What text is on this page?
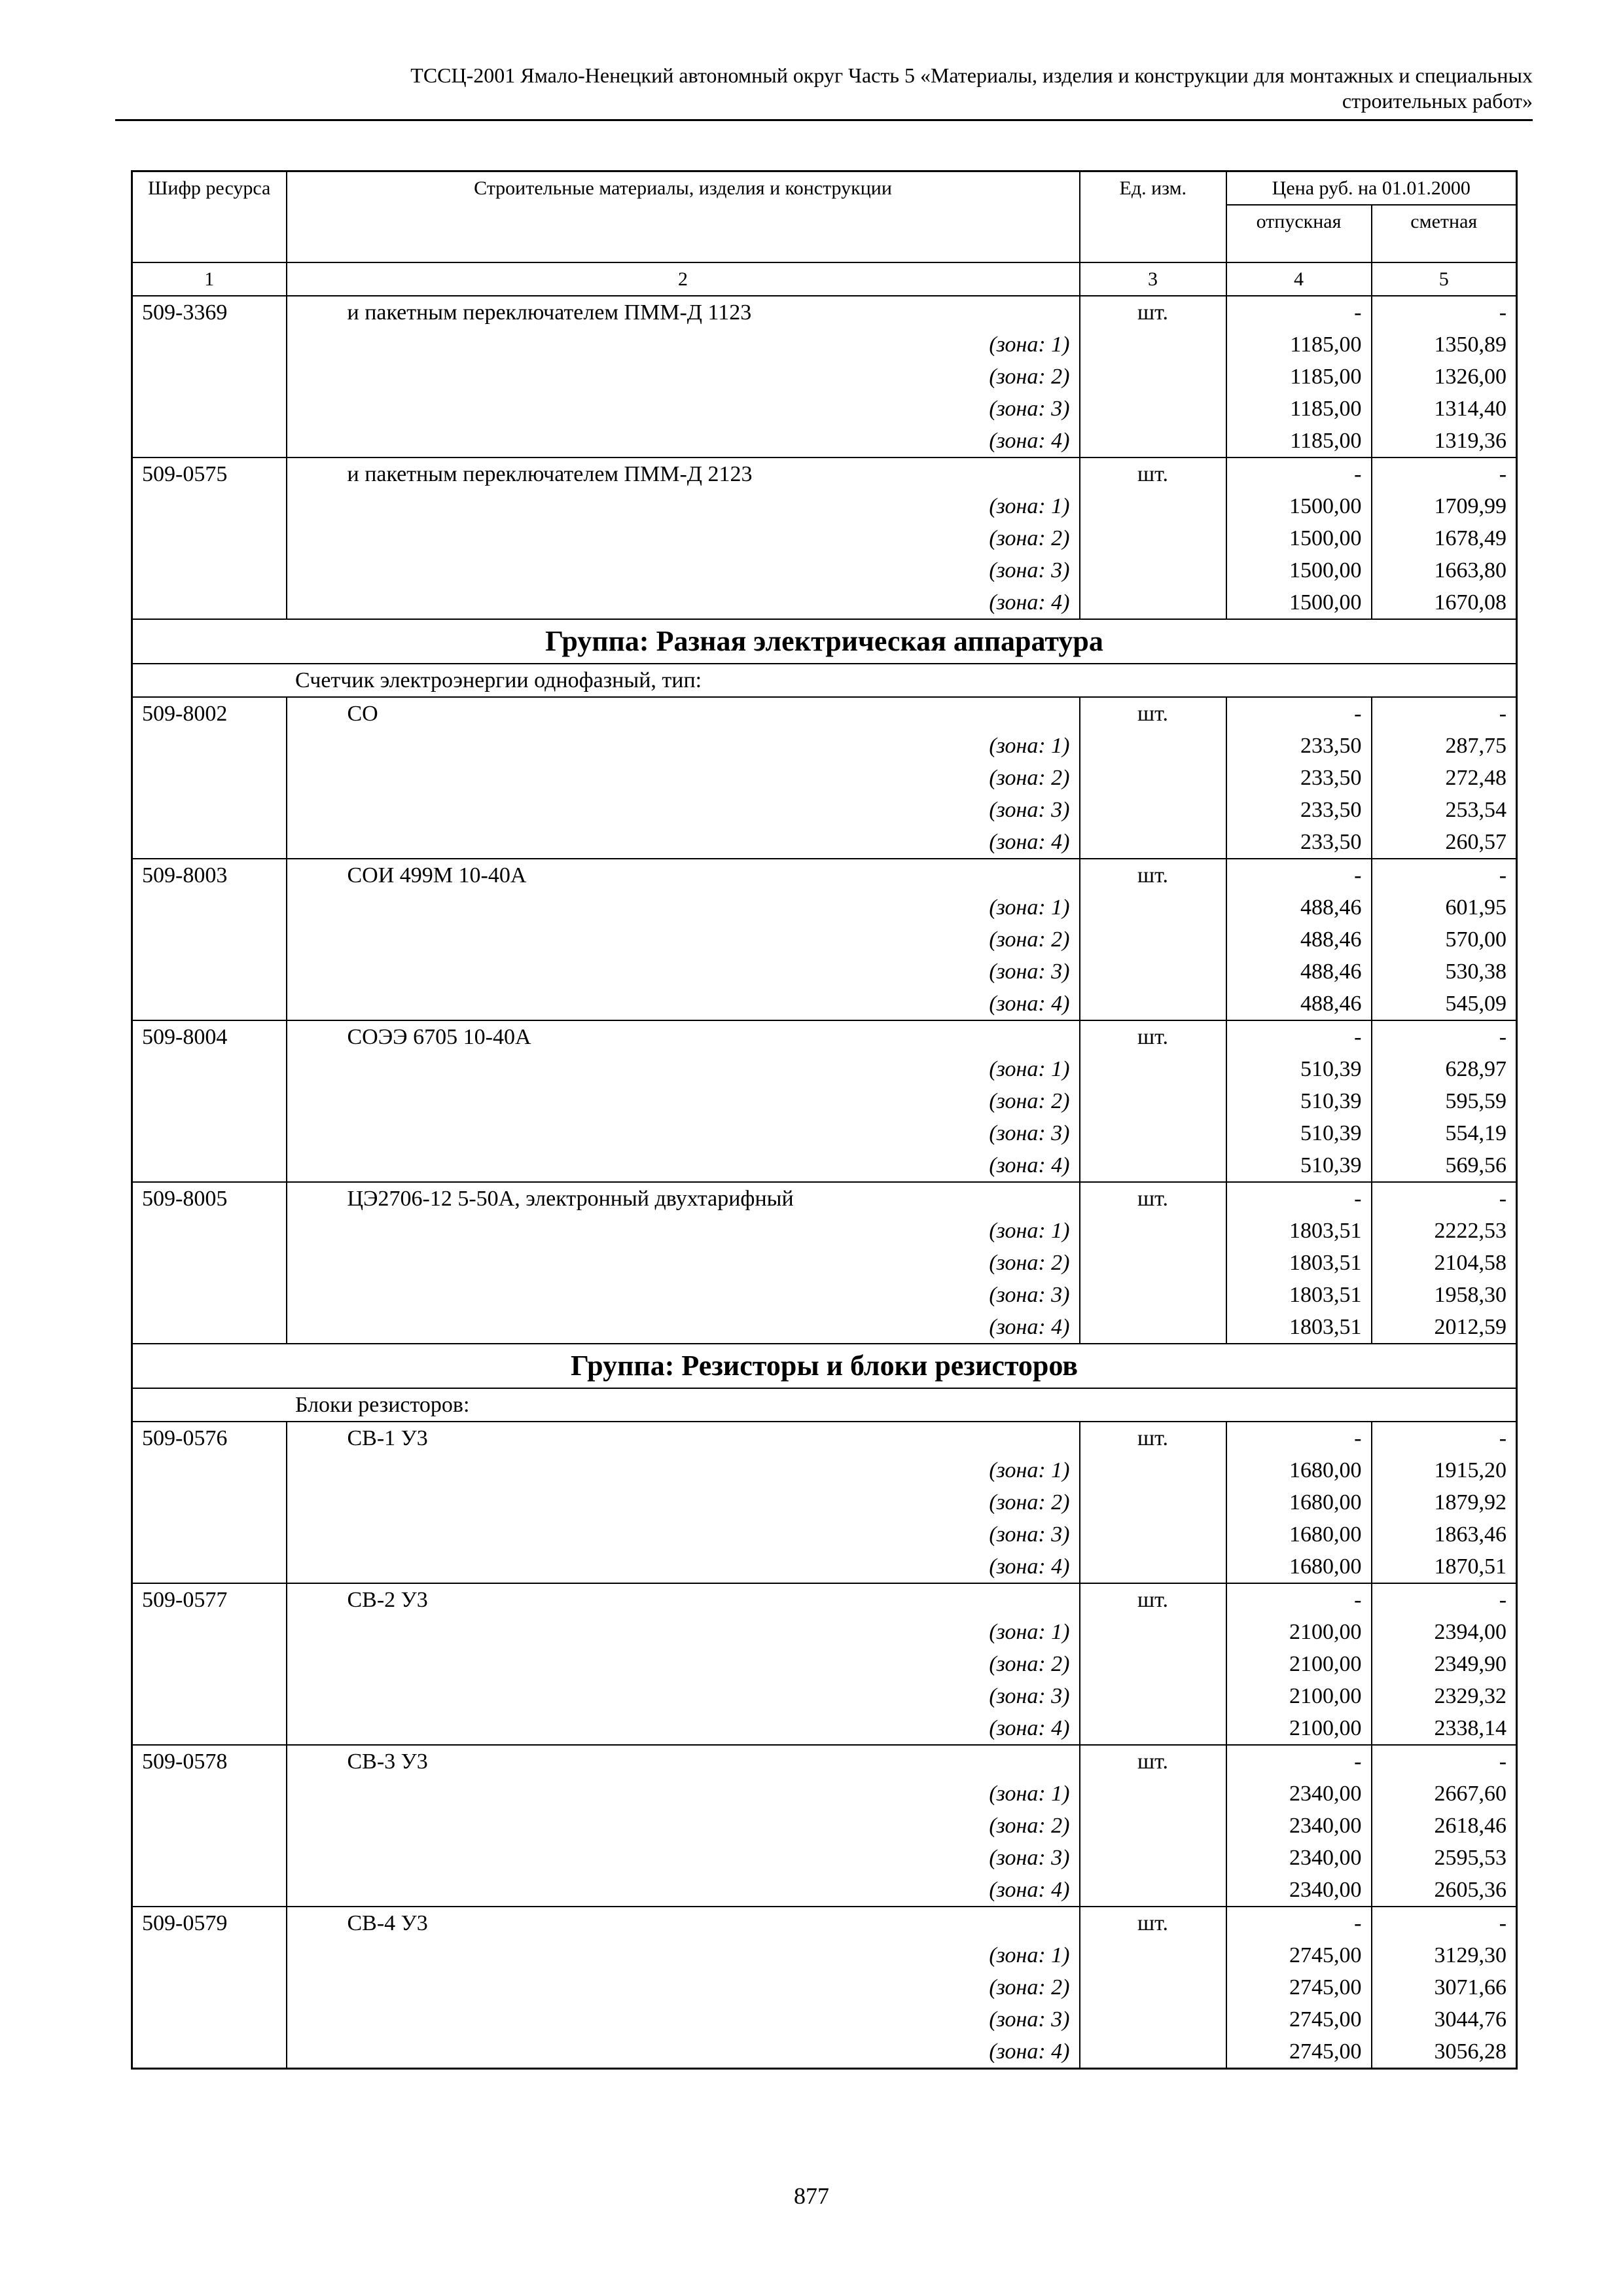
ТССЦ-2001 Ямало-Ненецкий автономный округ Часть 5 «Материалы, изделия и конструкции для монтажных и специальных
строительных работ»
Шифр ресурса	Строительные материалы, изделия и конструкции	Ед. изм.	Цена руб. на 01.01.2000	
			отпускная	сметная
1	2	3	4	5
509-3369	и пакетным переключателем ПММ-Д 1123	шт.	-	-
	(зона: 1)		1185,00	1350,89
	(зона: 2)		1185,00	1326,00
	(зона: 3)		1185,00	1314,40
	(зона: 4)		1185,00	1319,36
509-0575	и пакетным переключателем ПММ-Д 2123	шт.	-	-
	(зона: 1)		1500,00	1709,99
	(зона: 2)		1500,00	1678,49
	(зона: 3)		1500,00	1663,80
	(зона: 4)		1500,00	1670,08
Группа: Разная электрическая аппаратура				
Счетчик электроэнергии однофазный, тип:				
509-8002	СО	шт.	-	-
	(зона: 1)		233,50	287,75
	(зона: 2)		233,50	272,48
	(зона: 3)		233,50	253,54
	(зона: 4)		233,50	260,57
509-8003	СОИ 499М 10-40А	шт.	-	-
	(зона: 1)		488,46	601,95
	(зона: 2)		488,46	570,00
	(зона: 3)		488,46	530,38
	(зона: 4)		488,46	545,09
509-8004	СОЭЭ 6705 10-40А	шт.	-	-
	(зона: 1)		510,39	628,97
	(зона: 2)		510,39	595,59
	(зона: 3)		510,39	554,19
	(зона: 4)		510,39	569,56
509-8005	ЦЭ2706-12 5-50А, электронный двухтарифный	шт.	-	-
	(зона: 1)		1803,51	2222,53
	(зона: 2)		1803,51	2104,58
	(зона: 3)		1803,51	1958,30
	(зона: 4)		1803,51	2012,59
Группа: Резисторы и блоки резисторов				
Блоки резисторов:				
509-0576	СВ-1 У3	шт.	-	-
	(зона: 1)		1680,00	1915,20
	(зона: 2)		1680,00	1879,92
	(зона: 3)		1680,00	1863,46
	(зона: 4)		1680,00	1870,51
509-0577	СВ-2 У3	шт.	-	-
	(зона: 1)		2100,00	2394,00
	(зона: 2)		2100,00	2349,90
	(зона: 3)		2100,00	2329,32
	(зона: 4)		2100,00	2338,14
509-0578	СВ-3 У3	шт.	-	-
	(зона: 1)		2340,00	2667,60
	(зона: 2)		2340,00	2618,46
	(зона: 3)		2340,00	2595,53
	(зона: 4)		2340,00	2605,36
509-0579	СВ-4 У3	шт.	-	-
	(зона: 1)		2745,00	3129,30
	(зона: 2)		2745,00	3071,66
	(зона: 3)		2745,00	3044,76
	(зона: 4)		2745,00	3056,28
877
